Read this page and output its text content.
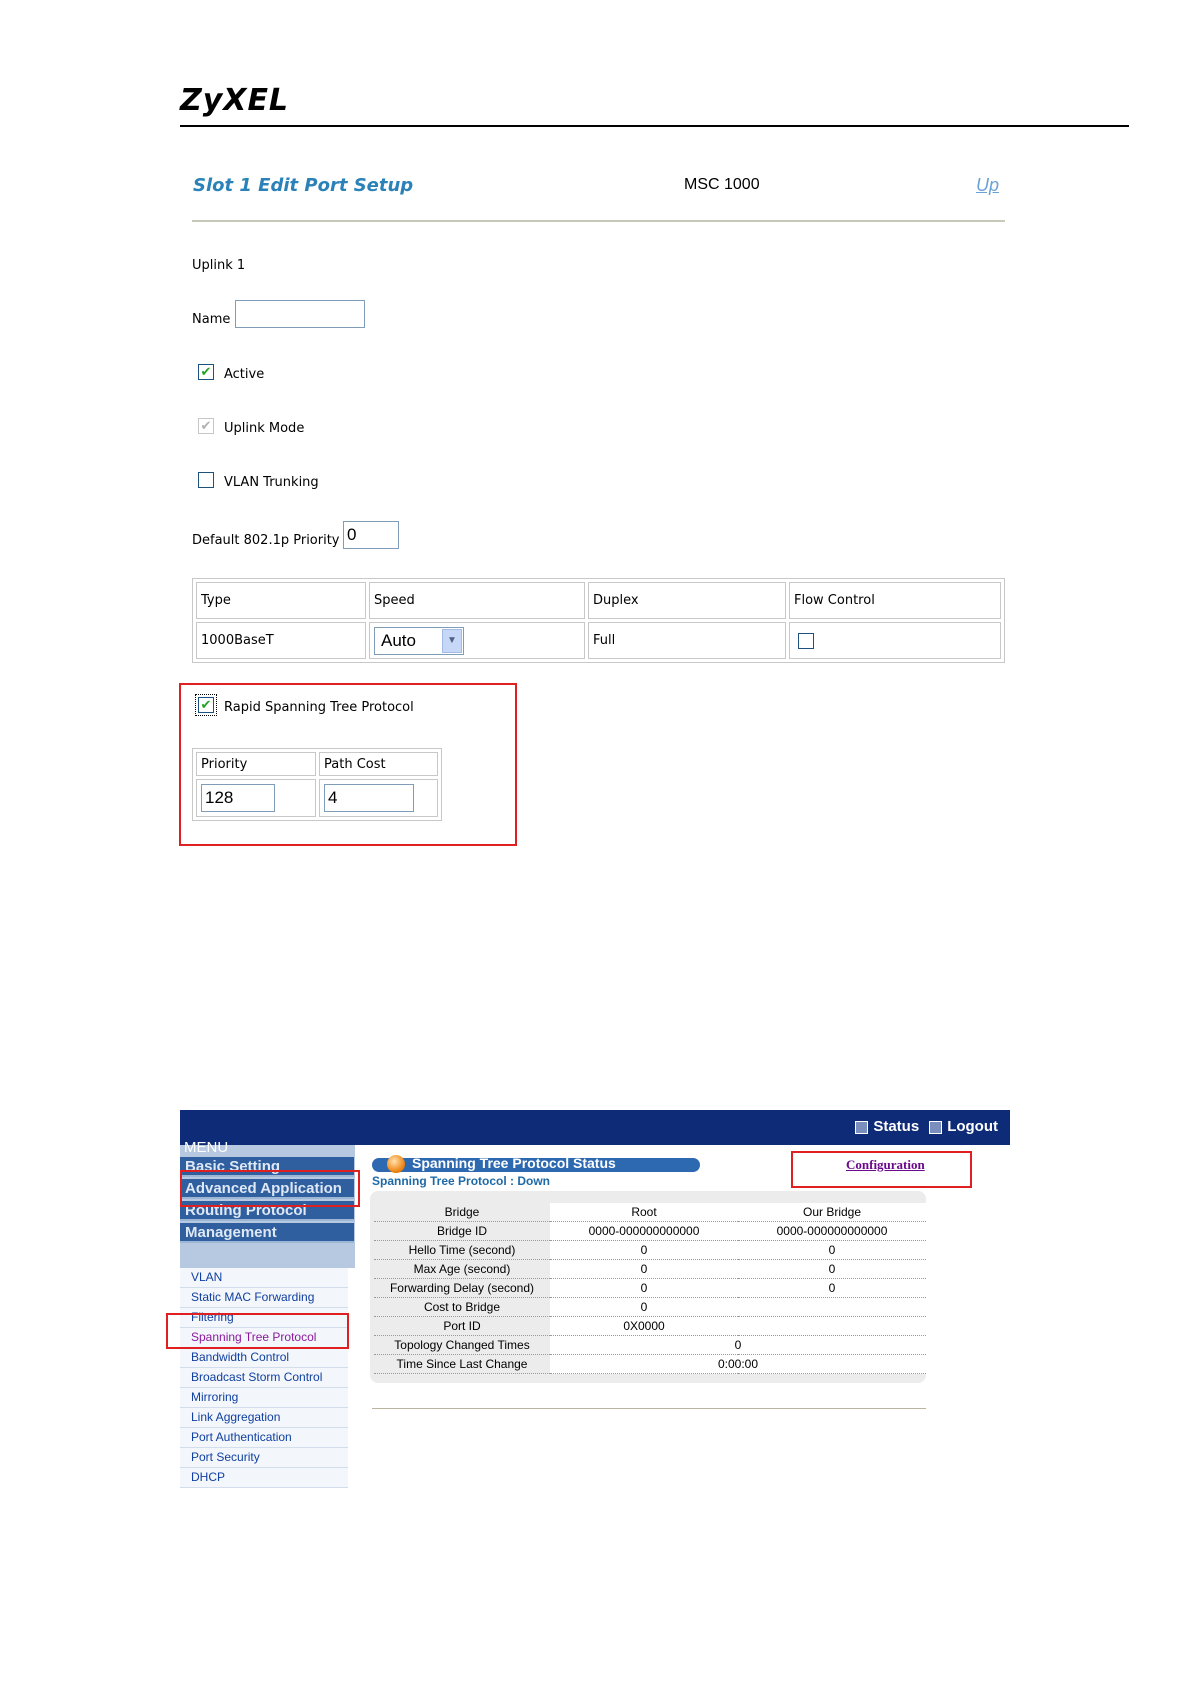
ZyXEL
Slot 1 Edit Port Setup	MSC 1000	Up
Uplink 1
Name
✔ Active
✔ Uplink Mode
VLAN Trunking
Default 802.1p Priority
0
Type	Speed	Duplex	Flow Control
1000BaseT	Auto ▼	Full	
✔ Rapid Spanning Tree Protocol
Priority	Path Cost
128	4
Status	Logout
MENU
Basic Setting
Advanced Application
Routing Protocol
Management
VLAN
Static MAC Forwarding
Filtering
Spanning Tree Protocol
Bandwidth Control
Broadcast Storm Control
Mirroring
Link Aggregation
Port Authentication
Port Security
DHCP
Spanning Tree Protocol Status
Spanning Tree Protocol : Down
Configuration
Bridge	Root	Our Bridge
Bridge ID	0000-000000000000	0000-000000000000
Hello Time (second)	0	0
Max Age (second)	0	0
Forwarding Delay (second)	0	0
Cost to Bridge	0	
Port ID	0X0000	
Topology Changed Times	0	
Time Since Last Change	0:00:00	
